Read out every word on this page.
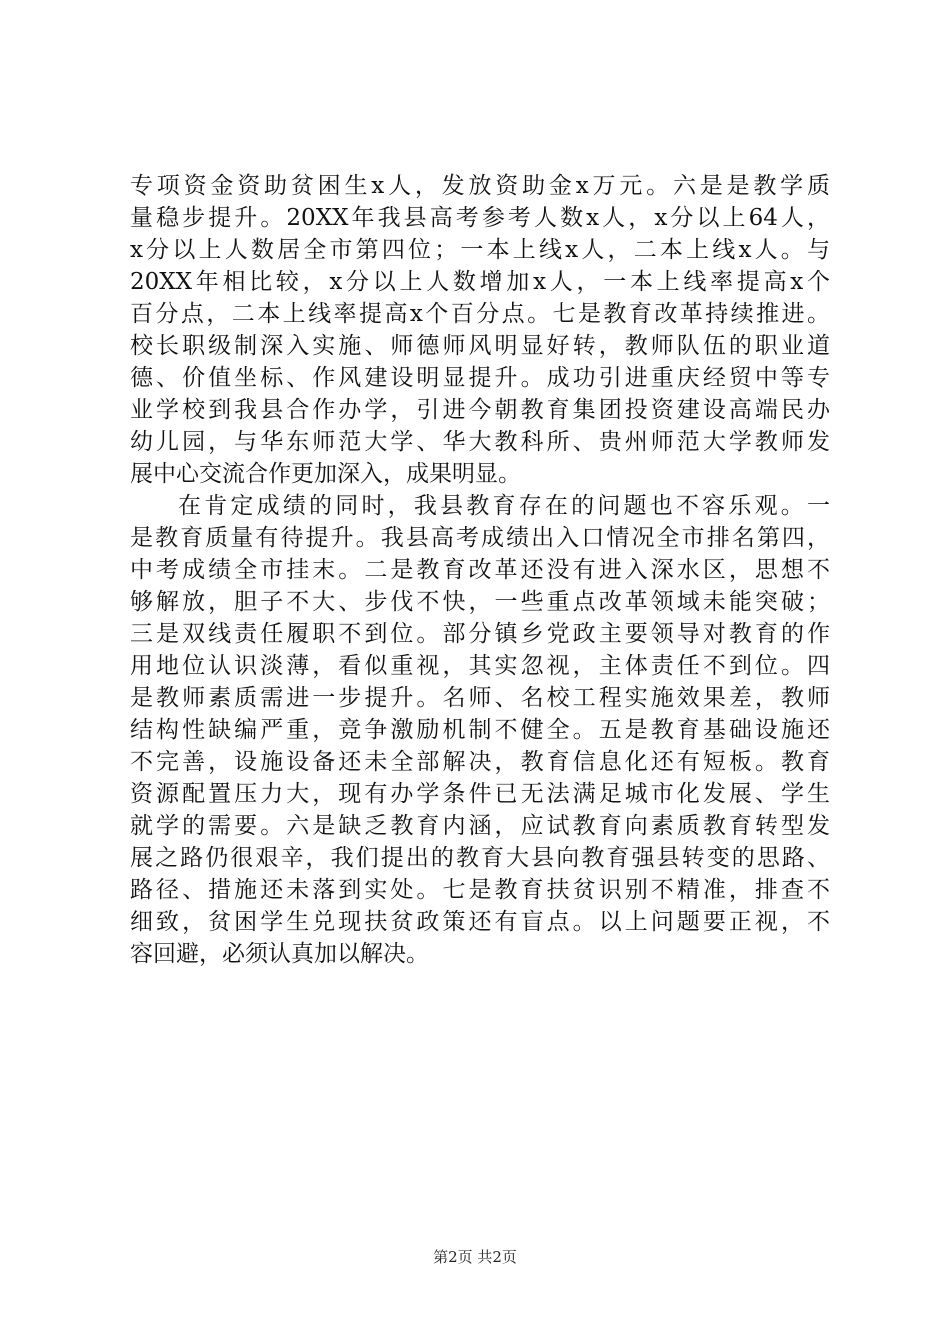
专项资金资助贫困生x人，发放资助金x万元。六是是教学质
量稳步提升。20XX年我县高考参考人数x人，x分以上64人，
x分以上人数居全市第四位；一本上线x人，二本上线x人。与
20XX年相比较，x分以上人数增加x人，一本上线率提高x个
百分点，二本上线率提高x个百分点。七是教育改革持续推进。
校长职级制深入实施、师德师风明显好转，教师队伍的职业道
德、价值坐标、作风建设明显提升。成功引进重庆经贸中等专
业学校到我县合作办学，引进今朝教育集团投资建设高端民办
幼儿园，与华东师范大学、华大教科所、贵州师范大学教师发
展中心交流合作更加深入，成果明显。
在肯定成绩的同时，我县教育存在的问题也不容乐观。一
是教育质量有待提升。我县高考成绩出入口情况全市排名第四，
中考成绩全市挂末。二是教育改革还没有进入深水区，思想不
够解放，胆子不大、步伐不快，一些重点改革领域未能突破；
三是双线责任履职不到位。部分镇乡党政主要领导对教育的作
用地位认识淡薄，看似重视，其实忽视，主体责任不到位。四
是教师素质需进一步提升。名师、名校工程实施效果差，教师
结构性缺编严重，竞争激励机制不健全。五是教育基础设施还
不完善，设施设备还未全部解决，教育信息化还有短板。教育
资源配置压力大，现有办学条件已无法满足城市化发展、学生
就学的需要。六是缺乏教育内涵，应试教育向素质教育转型发
展之路仍很艰辛，我们提出的教育大县向教育强县转变的思路、
路径、措施还未落到实处。七是教育扶贫识别不精准，排查不
细致，贫困学生兑现扶贫政策还有盲点。以上问题要正视，不
容回避，必须认真加以解决。
第2页 共2页
